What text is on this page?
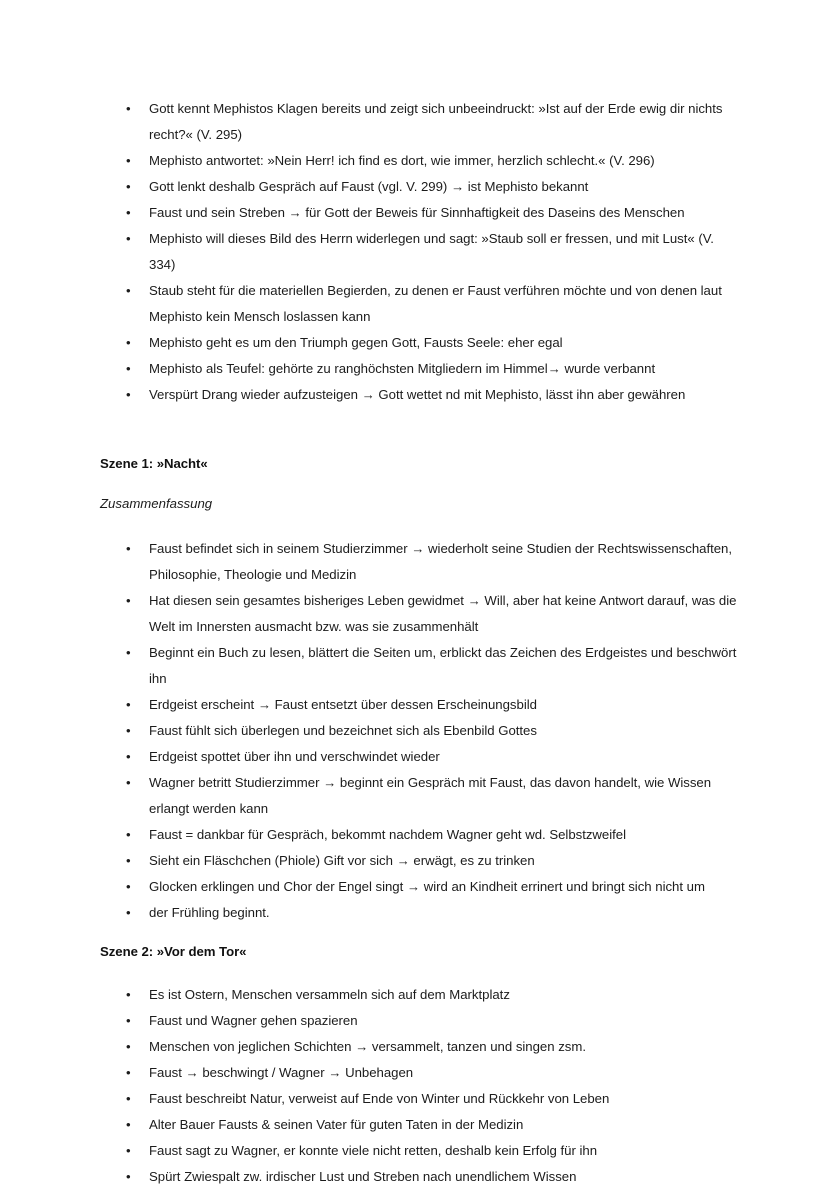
• Gott kennt Mephistos Klagen bereits und zeigt sich unbeeindruckt: »Ist auf der Erde ewig dir nichts recht?« (V. 295)
• Mephisto antwortet: »Nein Herr! ich find es dort, wie immer, herzlich schlecht.« (V. 296)
• Gott lenkt deshalb Gespräch auf Faust (vgl. V. 299) → ist Mephisto bekannt
• Faust und sein Streben → für Gott der Beweis für Sinnhaftigkeit des Daseins des Menschen
• Mephisto will dieses Bild des Herrn widerlegen und sagt: »Staub soll er fressen, und mit Lust« (V. 334)
• Staub steht für die materiellen Begierden, zu denen er Faust verführen möchte und von denen laut Mephisto kein Mensch loslassen kann
• Mephisto geht es um den Triumph gegen Gott, Fausts Seele: eher egal
• Mephisto als Teufel: gehörte zu ranghöchsten Mitgliedern im Himmel→ wurde verbannt
• Verspürt Drang wieder aufzusteigen → Gott wettet nd mit Mephisto, lässt ihn aber gewähren
Szene 1: »Nacht«

Zusammenfassung

• Faust befindet sich in seinem Studierzimmer → wiederholt seine Studien der Rechtswissenschaften, Philosophie, Theologie und Medizin
• Hat diesen sein gesamtes bisheriges Leben gewidmet → Will, aber hat keine Antwort darauf, was die Welt im Innersten ausmacht bzw. was sie zusammenhält
• Beginnt ein Buch zu lesen, blättert die Seiten um, erblickt das Zeichen des Erdgeistes und beschwört ihn
• Erdgeist erscheint → Faust entsetzt über dessen Erscheinungsbild
• Faust fühlt sich überlegen und bezeichnet sich als Ebenbild Gottes
• Erdgeist spottet über ihn und verschwindet wieder
• Wagner betritt Studierzimmer → beginnt ein Gespräch mit Faust, das davon handelt, wie Wissen erlangt werden kann
• Faust = dankbar für Gespräch, bekommt nachdem Wagner geht wd. Selbstzweifel
• Sieht ein Fläschchen (Phiole) Gift vor sich → erwägt, es zu trinken
• Glocken erklingen und Chor der Engel singt → wird an Kindheit errinert und bringt sich nicht um
• der Frühling beginnt.
Szene 2: »Vor dem Tor«
• Es ist Ostern, Menschen versammeln sich auf dem Marktplatz
• Faust und Wagner gehen spazieren
• Menschen von jeglichen Schichten → versammelt, tanzen und singen zsm.
• Faust → beschwingt / Wagner → Unbehagen
• Faust beschreibt Natur, verweist auf Ende von Winter und Rückkehr von Leben
• Alter Bauer Fausts & seinen Vater für guten Taten in der Medizin
• Faust sagt zu Wagner, er konnte viele nicht retten, deshalb kein Erfolg für ihn
• Spürt Zwiespalt zw. irdischer Lust und Streben nach unendlichem Wissen
